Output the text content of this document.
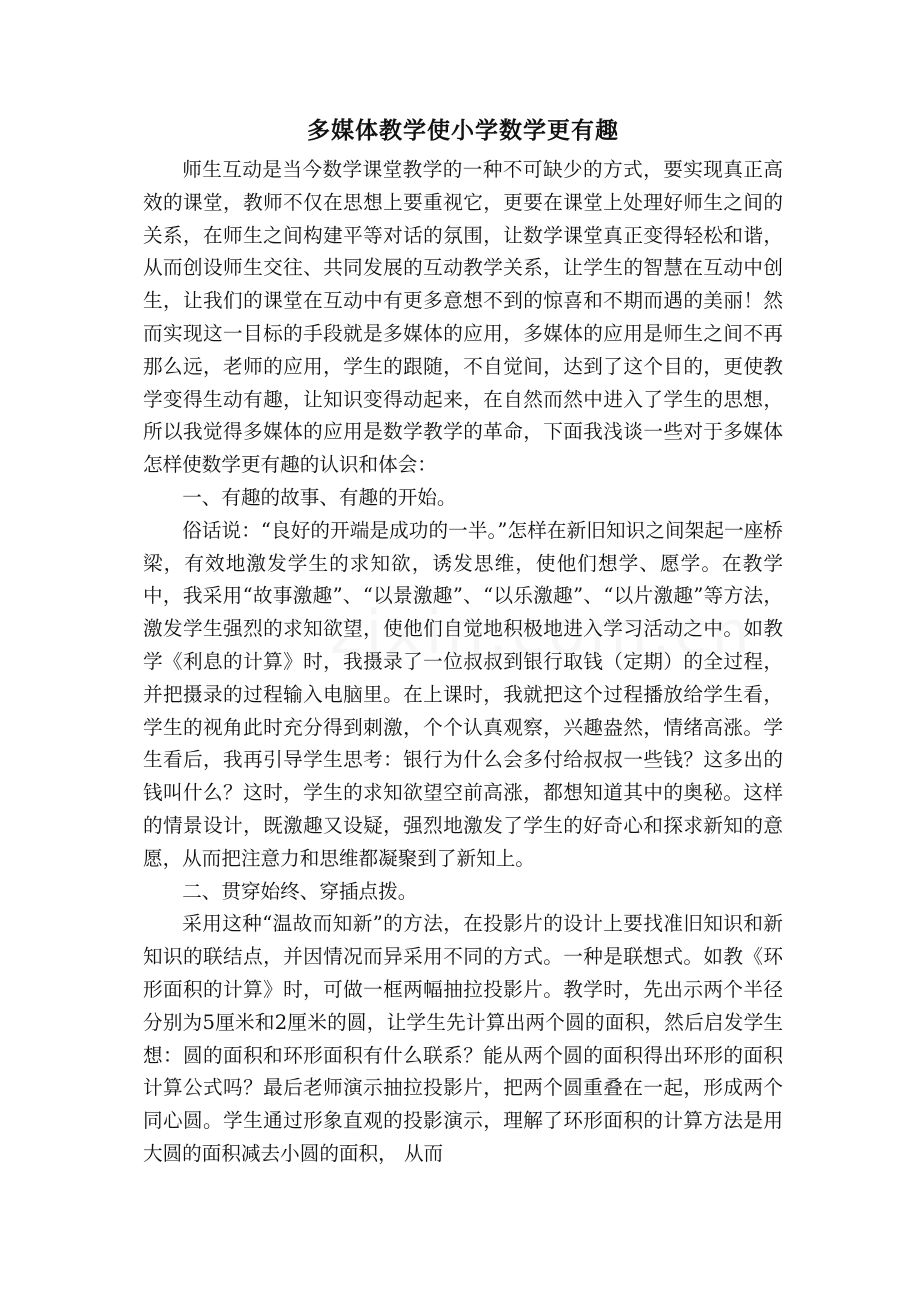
多媒体教学使小学数学更有趣

师生互动是当今数学课堂教学的一种不可缺少的方式，要实现真正高效的课堂，教师不仅在思想上要重视它，更要在课堂上处理好师生之间的关系，在师生之间构建平等对话的氛围，让数学课堂真正变得轻松和谐，从而创设师生交往、共同发展的互动教学关系，让学生的智慧在互动中创生，让我们的课堂在互动中有更多意想不到的惊喜和不期而遇的美丽！然而实现这一目标的手段就是多媒体的应用，多媒体的应用是师生之间不再那么远，老师的应用，学生的跟随，不自觉间，达到了这个目的，更使教学变得生动有趣，让知识变得动起来，在自然而然中进入了学生的思想，所以我觉得多媒体的应用是数学教学的革命，下面我浅谈一些对于多媒体怎样使数学更有趣的认识和体会：

一、有趣的故事、有趣的开始。

俗话说：“良好的开端是成功的一半。”怎样在新旧知识之间架起一座桥梁，有效地激发学生的求知欲，诱发思维，使他们想学、愿学。在教学中，我采用“故事激趣”、“以景激趣”、“以乐激趣”、“以片激趣”等方法，激发学生强烈的求知欲望，使他们自觉地积极地进入学习活动之中。如教学《利息的计算》时，我摄录了一位叔叔到银行取钱（定期）的全过程，并把摄录的过程输入电脑里。在上课时，我就把这个过程播放给学生看，学生的视角此时充分得到刺激，个个认真观察，兴趣盎然，情绪高涨。学生看后，我再引导学生思考：银行为什么会多付给叔叔一些钱？这多出的钱叫什么？这时，学生的求知欲望空前高涨，都想知道其中的奥秘。这样的情景设计，既激趣又设疑，强烈地激发了学生的好奇心和探求新知的意愿，从而把注意力和思维都凝聚到了新知上。

二、贯穿始终、穿插点拨。

采用这种“温故而知新”的方法，在投影片的设计上要找准旧知识和新知识的联结点，并因情况而异采用不同的方式。一种是联想式。如教《环形面积的计算》时，可做一框两幅抽拉投影片。教学时，先出示两个半径分别为5厘米和2厘米的圆，让学生先计算出两个圆的面积，然后启发学生想：圆的面积和环形面积有什么联系？能从两个圆的面积得出环形的面积计算公式吗？最后老师演示抽拉投影片，把两个圆重叠在一起，形成两个同心圆。学生通过形象直观的投影演示，理解了环形面积的计算方法是用大圆的面积减去小圆的面积， 从而
